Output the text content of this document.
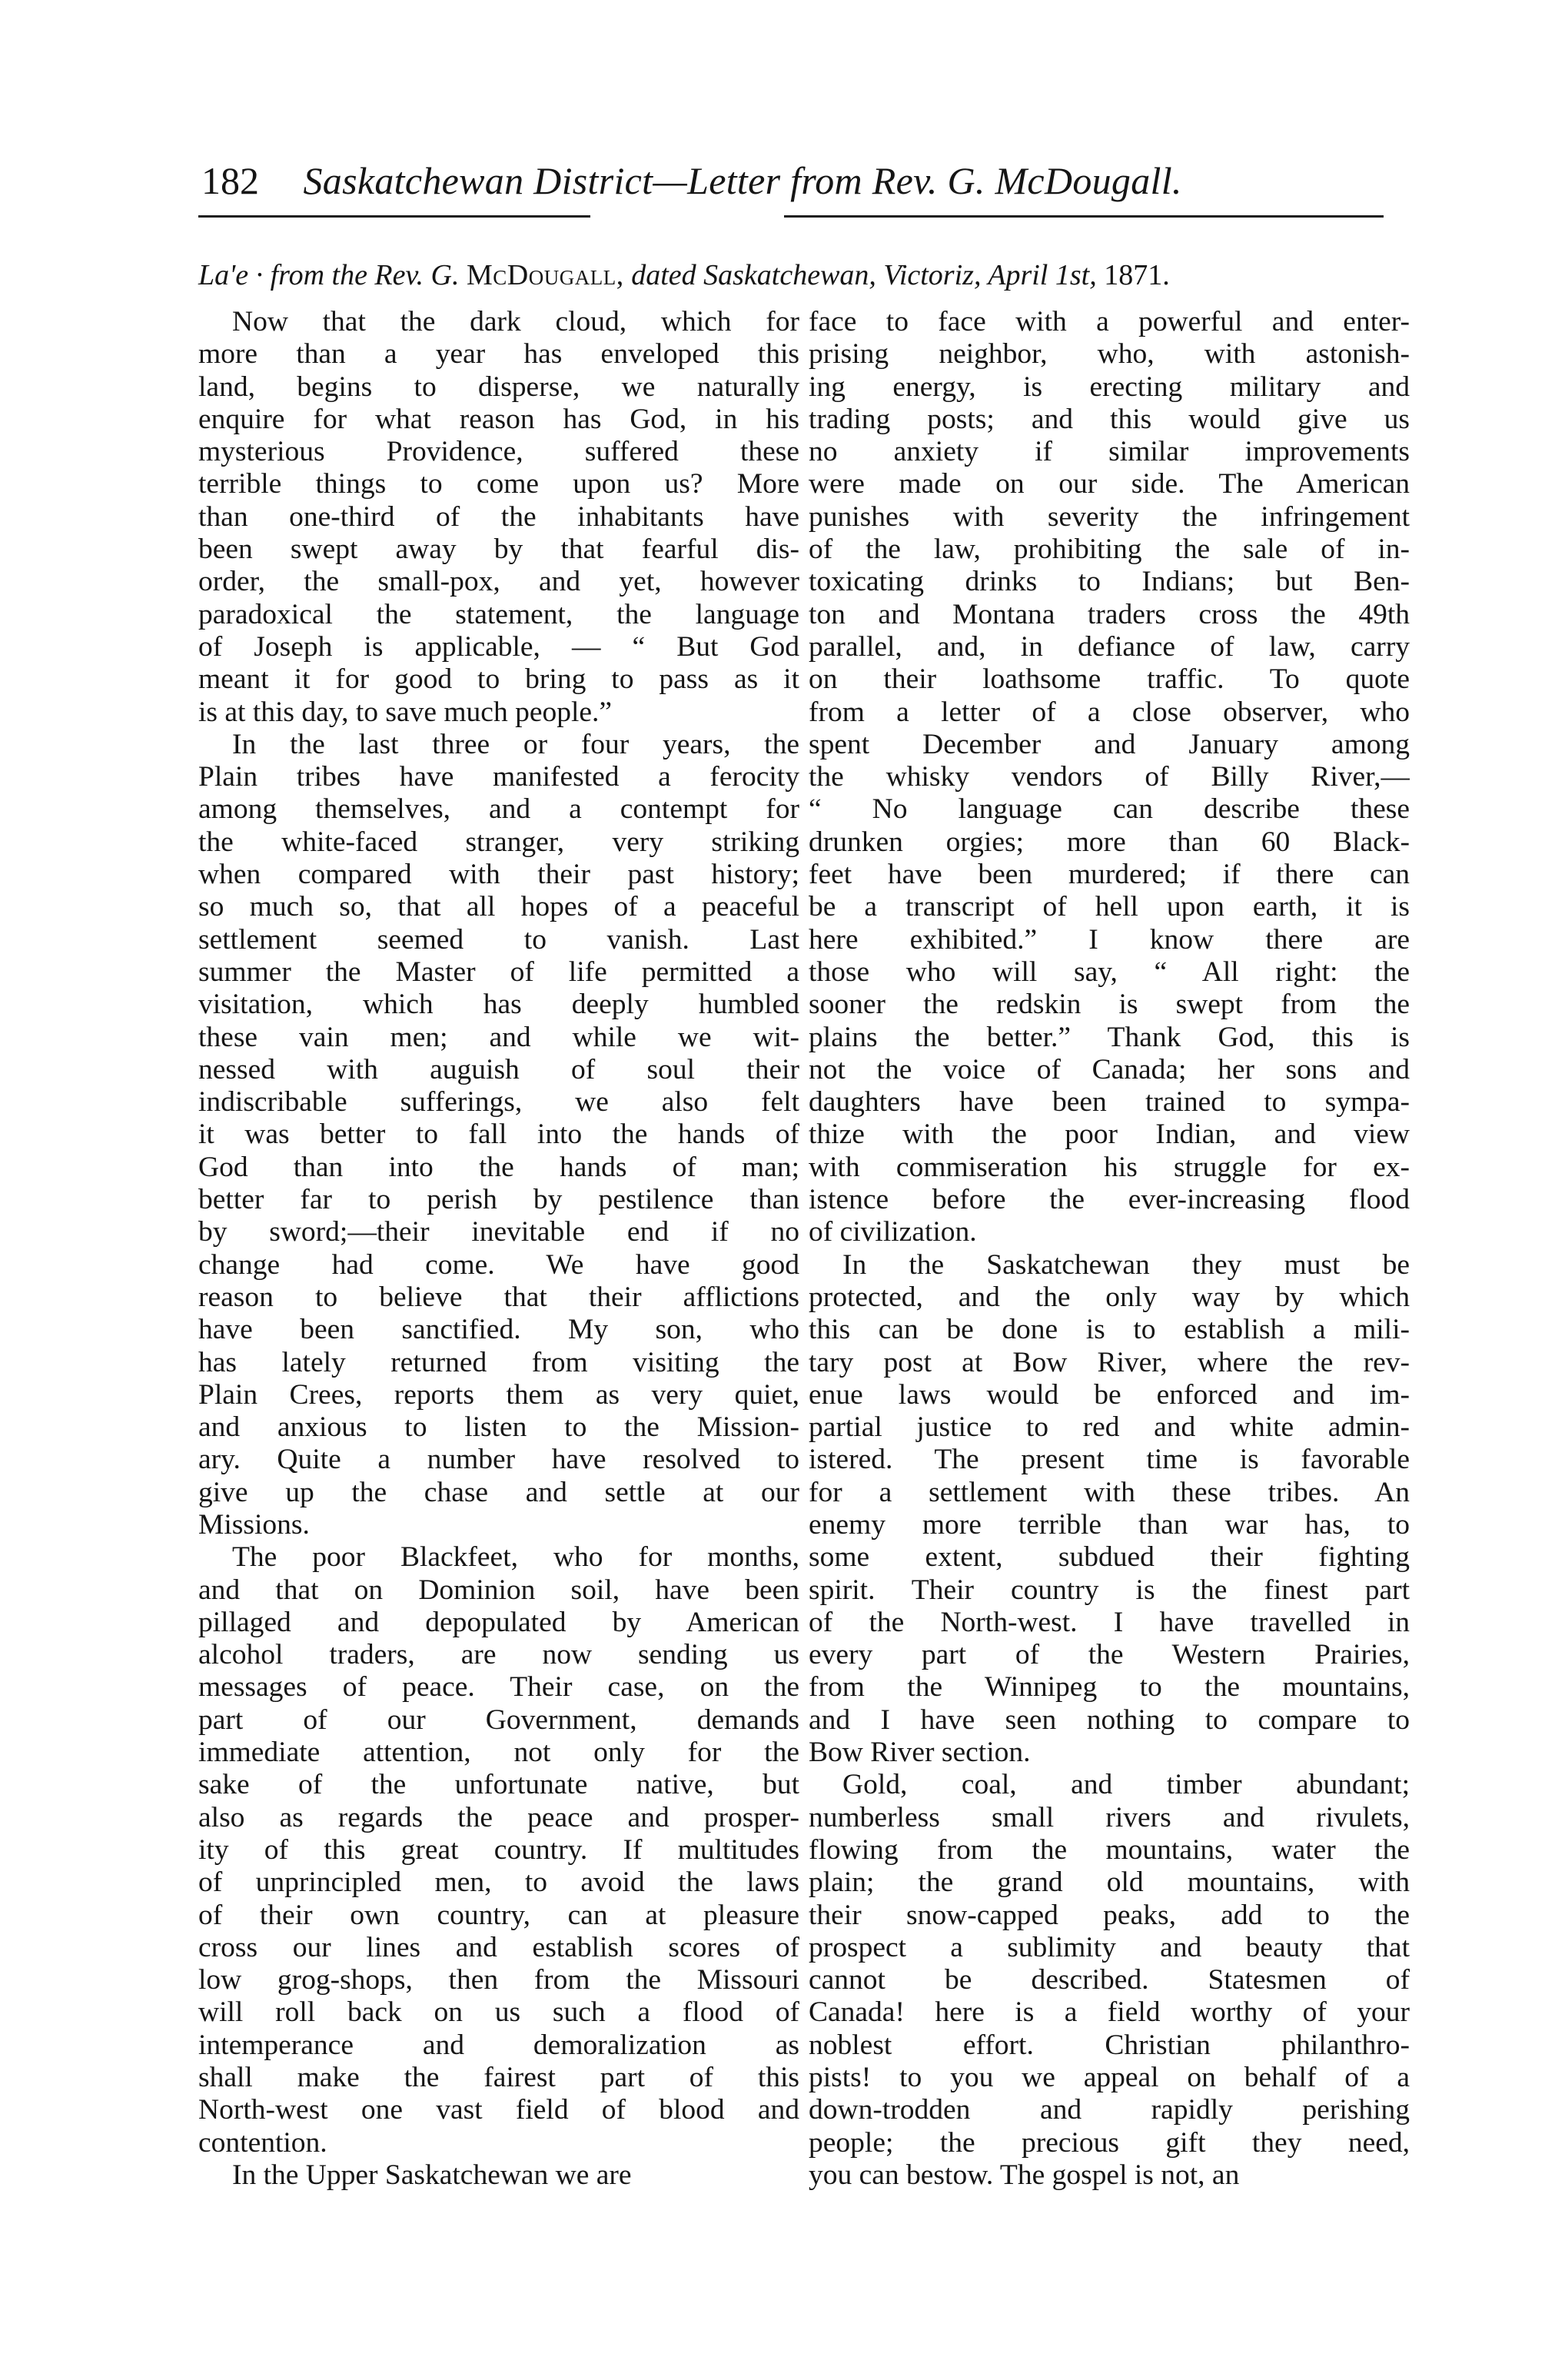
182 Saskatchewan District—Letter from Rev. G. McDougall.
La'e · from the Rev. G. McDougall, dated Saskatchewan, Victoriz, April 1st, 1871.
Now that the dark cloud, which for
more than a year has enveloped this
land, begins to disperse, we naturally
enquire for what reason has God, in his
mysterious Providence, suffered these
terrible things to come upon us? More
than one-third of the inhabitants have
been swept away by that fearful dis-
order, the small-pox, and yet, however
paradoxical the statement, the language
of Joseph is applicable, — “ But God
meant it for good to bring to pass as it
is at this day, to save much people.”
In the last three or four years, the
Plain tribes have manifested a ferocity
among themselves, and a contempt for
the white-faced stranger, very striking
when compared with their past history;
so much so, that all hopes of a peaceful
settlement seemed to vanish. Last
summer the Master of life permitted a
visitation, which has deeply humbled
these vain men; and while we wit-
nessed with auguish of soul their
indiscribable sufferings, we also felt
it was better to fall into the hands of
God than into the hands of man;
better far to perish by pestilence than
by sword;—their inevitable end if no
change had come. We have good
reason to believe that their afflictions
have been sanctified. My son, who
has lately returned from visiting the
Plain Crees, reports them as very quiet,
and anxious to listen to the Mission-
ary. Quite a number have resolved to
give up the chase and settle at our
Missions.
The poor Blackfeet, who for months,
and that on Dominion soil, have been
pillaged and depopulated by American
alcohol traders, are now sending us
messages of peace. Their case, on the
part of our Government, demands
immediate attention, not only for the
sake of the unfortunate native, but
also as regards the peace and prosper-
ity of this great country. If multitudes
of unprincipled men, to avoid the laws
of their own country, can at pleasure
cross our lines and establish scores of
low grog-shops, then from the Missouri
will roll back on us such a flood of
intemperance and demoralization as
shall make the fairest part of this
North-west one vast field of blood and
contention.
In the Upper Saskatchewan we are
face to face with a powerful and enter-
prising neighbor, who, with astonish-
ing energy, is erecting military and
trading posts; and this would give us
no anxiety if similar improvements
were made on our side. The American
punishes with severity the infringement
of the law, prohibiting the sale of in-
toxicating drinks to Indians; but Ben-
ton and Montana traders cross the 49th
parallel, and, in defiance of law, carry
on their loathsome traffic. To quote
from a letter of a close observer, who
spent December and January among
the whisky vendors of Billy River,—
“ No language can describe these
drunken orgies; more than 60 Black-
feet have been murdered; if there can
be a transcript of hell upon earth, it is
here exhibited.” I know there are
those who will say, “ All right: the
sooner the redskin is swept from the
plains the better.” Thank God, this is
not the voice of Canada; her sons and
daughters have been trained to sympa-
thize with the poor Indian, and view
with commiseration his struggle for ex-
istence before the ever-increasing flood
of civilization.
In the Saskatchewan they must be
protected, and the only way by which
this can be done is to establish a mili-
tary post at Bow River, where the rev-
enue laws would be enforced and im-
partial justice to red and white admin-
istered. The present time is favorable
for a settlement with these tribes. An
enemy more terrible than war has, to
some extent, subdued their fighting
spirit. Their country is the finest part
of the North-west. I have travelled in
every part of the Western Prairies,
from the Winnipeg to the mountains,
and I have seen nothing to compare to
Bow River section.
Gold, coal, and timber abundant;
numberless small rivers and rivulets,
flowing from the mountains, water the
plain; the grand old mountains, with
their snow-capped peaks, add to the
prospect a sublimity and beauty that
cannot be described. Statesmen of
Canada! here is a field worthy of your
noblest effort. Christian philanthro-
pists! to you we appeal on behalf of a
down-trodden and rapidly perishing
people; the precious gift they need,
you can bestow. The gospel is not, an
